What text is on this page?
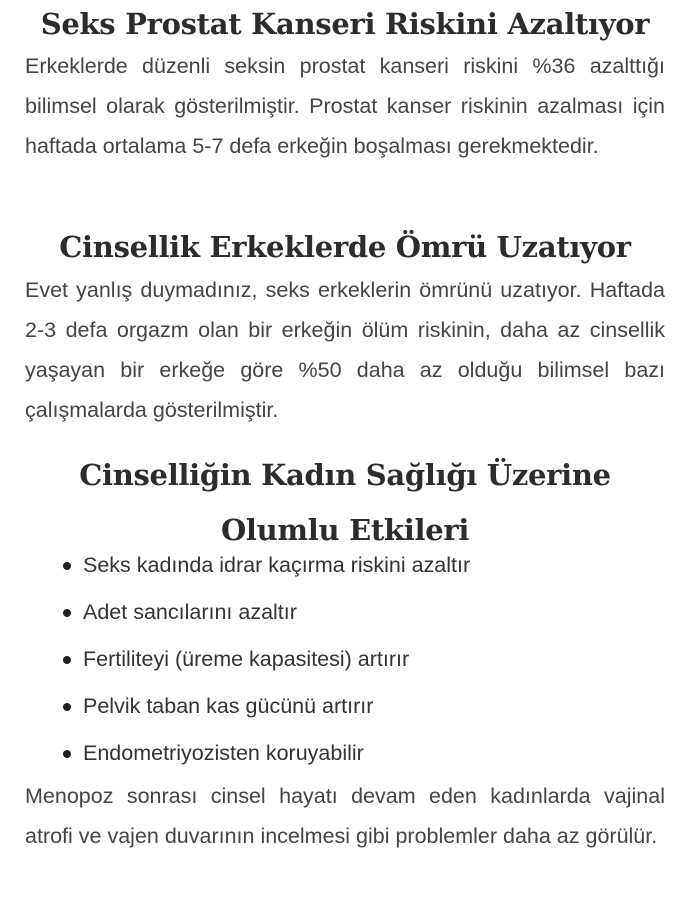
Seks Prostat Kanseri Riskini Azaltıyor

Erkeklerde düzenli seksin prostat kanseri riskini %36 azalttığı bilimsel olarak gösterilmiştir. Prostat kanser riskinin azalması için haftada ortalama 5-7 defa erkeğin boşalması gerekmektedir.

Cinsellik Erkeklerde Ömrü Uzatıyor

Evet yanlış duymadınız, seks erkeklerin ömrünü uzatıyor. Haftada 2-3 defa orgazm olan bir erkeğin ölüm riskinin, daha az cinsellik yaşayan bir erkeğe göre %50 daha az olduğu bilimsel bazı çalışmalarda gösterilmiştir.

Cinselliğin Kadın Sağlığı Üzerine Olumlu Etkileri
Seks kadında idrar kaçırma riskini azaltır
Adet sancılarını azaltır
Fertiliteyi (üreme kapasitesi) artırır
Pelvik taban kas gücünü artırır
Endometriyozisten koruyabilir

Menopoz sonrası cinsel hayatı devam eden kadınlarda vajinal atrofi ve vajen duvarının incelmesi gibi problemler daha az görülür.
